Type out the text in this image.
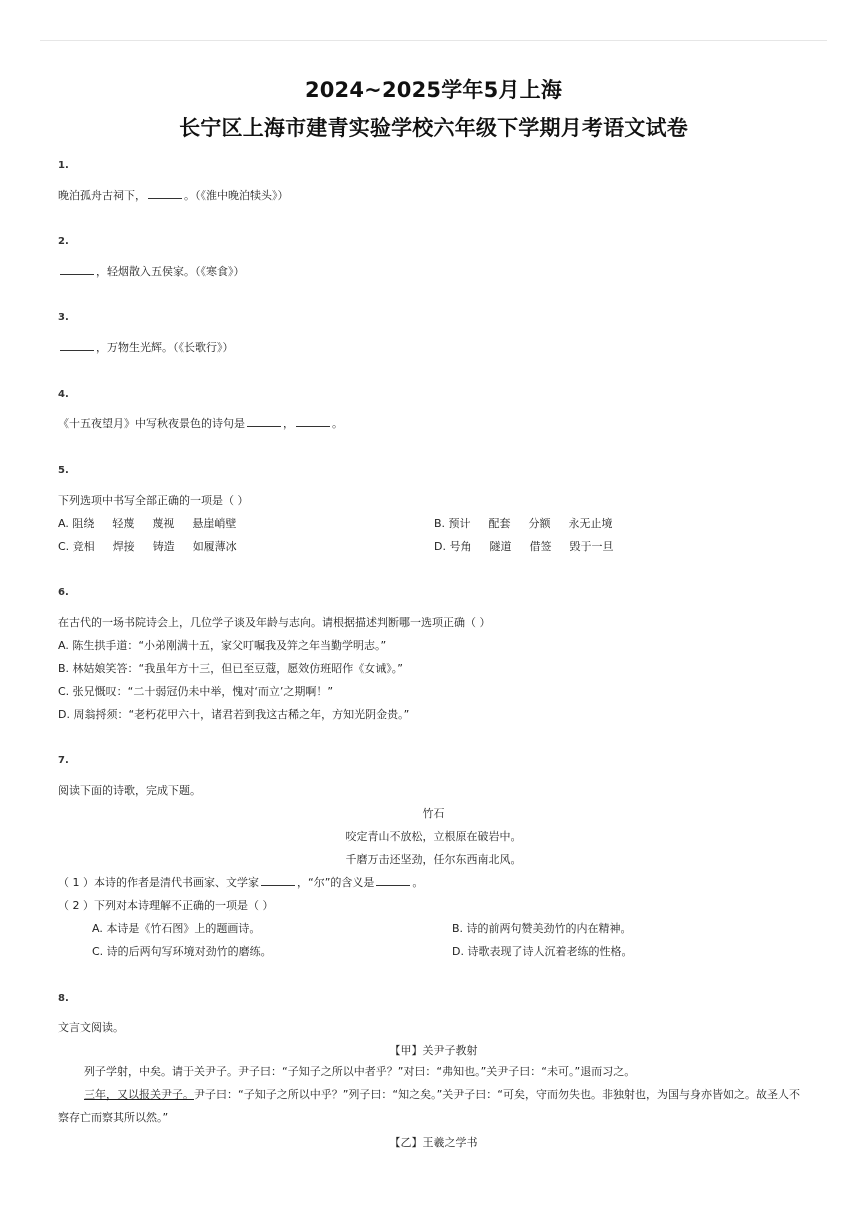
2024~2025学年5月上海
长宁区上海市建青实验学校六年级下学期月考语文试卷
1.
晚泊孤舟古祠下，	。（《淮中晚泊犊头》）
2.
，轻烟散入五侯家。（《寒食》）
3.
，万物生光辉。（《长歌行》）
4.
《十五夜望月》中写秋夜景色的诗句是	，	。
5.
下列选项中书写全部正确的一项是（ ）
A. 阻绕 轻蔑 蔑视 悬崖峭壁	B. 预计 配套 分额 永无止境
C. 竞相 焊接 铸造 如履薄冰	D. 号角 隧道 借签 毁于一旦
6.
在古代的一场书院诗会上，几位学子谈及年龄与志向。请根据描述判断哪一选项正确（ ）
A. 陈生拱手道：“小弟刚满十五，家父叮嘱我及笄之年当勤学明志。”
B. 林姑娘笑答：“我虽年方十三，但已至豆蔻，愿效仿班昭作《女诫》。”
C. 张兄慨叹：“二十弱冠仍未中举，愧对‘而立’之期啊！”
D. 周翁捋须：“老朽花甲六十，诸君若到我这古稀之年，方知光阴金贵。”
7.
阅读下面的诗歌，完成下题。
竹石
咬定青山不放松，立根原在破岩中。
千磨万击还坚劲，任尔东西南北风。
（ 1 ）本诗的作者是清代书画家、文学家	，“尔”的含义是	。
（ 2 ）下列对本诗理解不正确的一项是（ ）
A. 本诗是《竹石图》上的题画诗。	B. 诗的前两句赞美劲竹的内在精神。
C. 诗的后两句写环境对劲竹的磨练。	D. 诗歌表现了诗人沉着老练的性格。
8.
文言文阅读。
【甲】关尹子教射
列子学射，中矣。请于关尹子。尹子曰：“子知子之所以中者乎？”对曰：“弗知也。”关尹子曰：“未可。”退而习之。
三年，又以报关尹子。尹子曰：“子知子之所以中乎？”列子曰：“知之矣。”关尹子曰：“可矣，守而勿失也。非独射也，为国与身亦皆如之。故圣人不察存亡而察其所以然。”
【乙】王羲之学书
